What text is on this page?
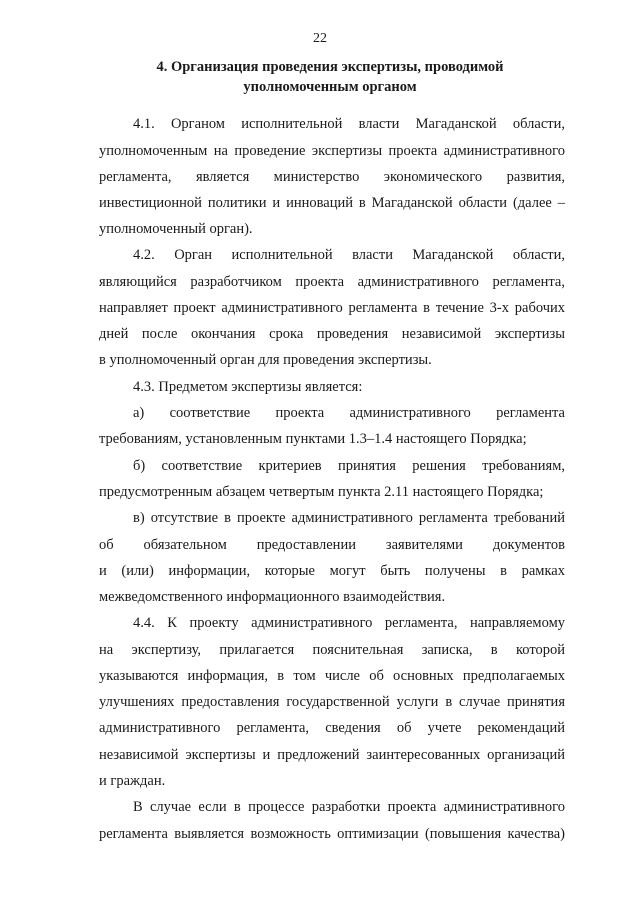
22
4. Организация проведения экспертизы, проводимой
уполномоченным органом
4.1. Органом исполнительной власти Магаданской области,
уполномоченным на проведение экспертизы проекта административного
регламента, является министерство экономического развития,
инвестиционной политики и инноваций в Магаданской области (далее –
уполномоченный орган).
4.2. Орган исполнительной власти Магаданской области,
являющийся разработчиком проекта административного регламента,
направляет проект административного регламента в течение 3-х рабочих
дней после окончания срока проведения независимой экспертизы
в уполномоченный орган для проведения экспертизы.
4.3. Предметом экспертизы является:
а) соответствие проекта административного регламента
требованиям, установленным пунктами 1.3–1.4 настоящего Порядка;
б) соответствие критериев принятия решения требованиям,
предусмотренным абзацем четвертым пункта 2.11 настоящего Порядка;
в) отсутствие в проекте административного регламента требований
об обязательном предоставлении заявителями документов
и (или) информации, которые могут быть получены в рамках
межведомственного информационного взаимодействия.
4.4. К проекту административного регламента, направляемому
на экспертизу, прилагается пояснительная записка, в которой
указываются информация, в том числе об основных предполагаемых
улучшениях предоставления государственной услуги в случае принятия
административного регламента, сведения об учете рекомендаций
независимой экспертизы и предложений заинтересованных организаций
и граждан.
В случае если в процессе разработки проекта административного
регламента выявляется возможность оптимизации (повышения качества)
